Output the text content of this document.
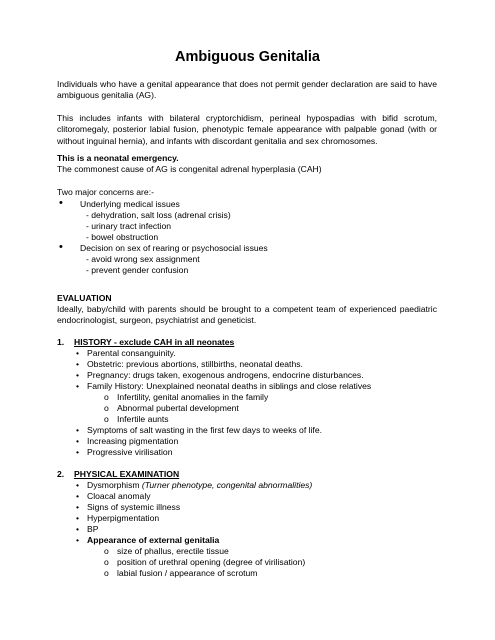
Ambiguous Genitalia
Individuals who have a genital appearance that does not permit gender declaration are said to have ambiguous genitalia (AG).
This includes infants with bilateral cryptorchidism, perineal hypospadias with bifid scrotum, clitoromegaly, posterior labial fusion, phenotypic female appearance with palpable gonad (with or without inguinal hernia), and infants with discordant genitalia and sex chromosomes.
This is a neonatal emergency.
The commonest cause of AG is congenital adrenal hyperplasia (CAH)
Two major concerns are:-
• Underlying medical issues
- dehydration, salt loss (adrenal crisis)
- urinary tract infection
- bowel obstruction
• Decision on sex of rearing or psychosocial issues
- avoid wrong sex assignment
- prevent gender confusion
EVALUATION
Ideally, baby/child with parents should be brought to a competent team of experienced paediatric endocrinologist, surgeon, psychiatrist and geneticist.
1. HISTORY - exclude CAH in all neonates
• Parental consanguinity.
• Obstetric: previous abortions, stillbirths, neonatal deaths.
• Pregnancy: drugs taken, exogenous androgens, endocrine disturbances.
• Family History: Unexplained neonatal deaths in siblings and close relatives
o Infertility, genital anomalies in the family
o Abnormal pubertal development
o Infertile aunts
• Symptoms of salt wasting in the first few days to weeks of life.
• Increasing pigmentation
• Progressive virilisation
2. PHYSICAL EXAMINATION
• Dysmorphism (Turner phenotype, congenital abnormalities)
• Cloacal anomaly
• Signs of systemic illness
• Hyperpigmentation
• BP
• Appearance of external genitalia
o size of phallus, erectile tissue
o position of urethral opening (degree of virilisation)
o labial fusion / appearance of scrotum
